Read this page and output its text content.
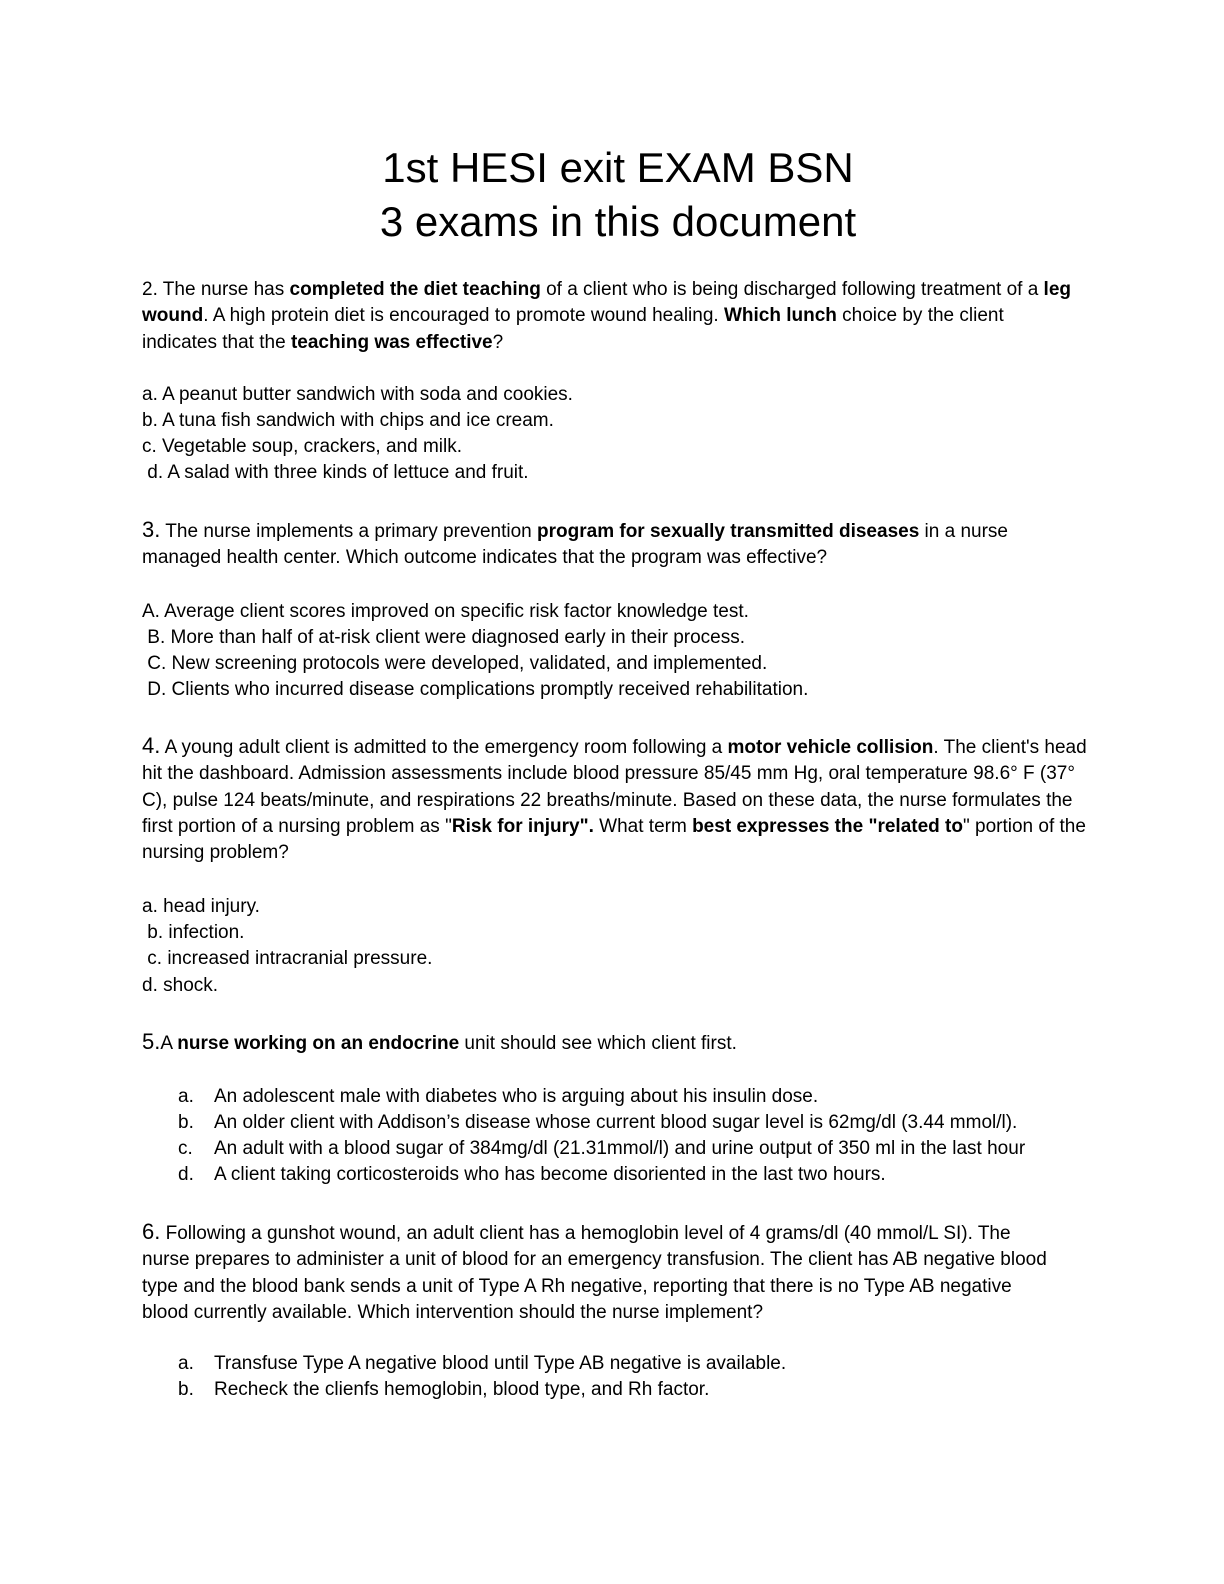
1st HESI exit EXAM BSN
3 exams in this document
2. The nurse has completed the diet teaching of a client who is being discharged following treatment of a leg wound. A high protein diet is encouraged to promote wound healing. Which lunch choice by the client indicates that the teaching was effective?
a. A peanut butter sandwich with soda and cookies.
b. A tuna fish sandwich with chips and ice cream.
c. Vegetable soup, crackers, and milk.
d. A salad with three kinds of lettuce and fruit.
3. The nurse implements a primary prevention program for sexually transmitted diseases in a nurse managed health center. Which outcome indicates that the program was effective?
A. Average client scores improved on specific risk factor knowledge test.
B. More than half of at-risk client were diagnosed early in their process.
C. New screening protocols were developed, validated, and implemented.
D. Clients who incurred disease complications promptly received rehabilitation.
4. A young adult client is admitted to the emergency room following a motor vehicle collision. The client's head hit the dashboard. Admission assessments include blood pressure 85/45 mm Hg, oral temperature 98.6° F (37° C), pulse 124 beats/minute, and respirations 22 breaths/minute. Based on these data, the nurse formulates the first portion of a nursing problem as "Risk for injury". What term best expresses the "related to" portion of the nursing problem?
a. head injury.
b. infection.
c. increased intracranial pressure.
d. shock.
5.A nurse working on an endocrine unit should see which client first.
a. An adolescent male with diabetes who is arguing about his insulin dose.
b. An older client with Addison’s disease whose current blood sugar level is 62mg/dl (3.44 mmol/l).
c. An adult with a blood sugar of 384mg/dl (21.31mmol/l) and urine output of 350 ml in the last hour
d. A client taking corticosteroids who has become disoriented in the last two hours.
6. Following a gunshot wound, an adult client has a hemoglobin level of 4 grams/dl (40 mmol/L SI). The nurse prepares to administer a unit of blood for an emergency transfusion. The client has AB negative blood type and the blood bank sends a unit of Type A Rh negative, reporting that there is no Type AB negative blood currently available. Which intervention should the nurse implement?
a. Transfuse Type A negative blood until Type AB negative is available.
b. Recheck the clienfs hemoglobin, blood type, and Rh factor.
